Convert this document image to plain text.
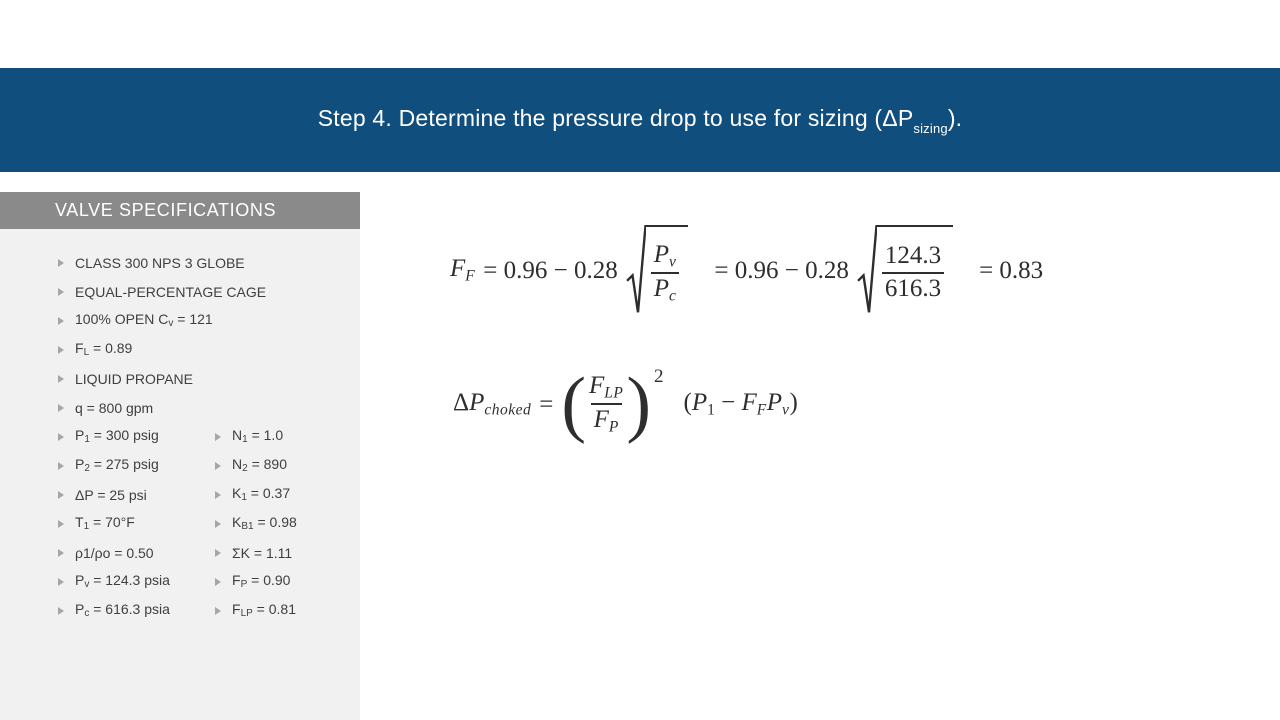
Step 4. Determine the pressure drop to use for sizing $(\Delta P_{sizing})$.
VALVE SPECIFICATIONS
CLASS 300 NPS 3 GLOBE
EQUAL-PERCENTAGE CAGE
100% OPEN Cv = 121
FL = 0.89
LIQUID PROPANE
q = 800 gpm
P1 = 300 psig	N1 = 1.0
P2 = 275 psig	N2 = 890
ΔP = 25 psi	K1 = 0.37
T1 = 70°F	KB1 = 0.98
ρ1/ρo = 0.50	ΣK = 1.11
Pv = 124.3 psia	FP = 0.90
Pc = 616.3 psia	FLP = 0.81
FF = $0.96 - 0.28 \frac{Pv}{Pc} = 0.96 - 0.28 \frac{124.3}{616.3} = 0.83$
ΔPchoked = ( $\frac{\text{FLP}}{FP}$ ) 2
(P1 − FFPv)
